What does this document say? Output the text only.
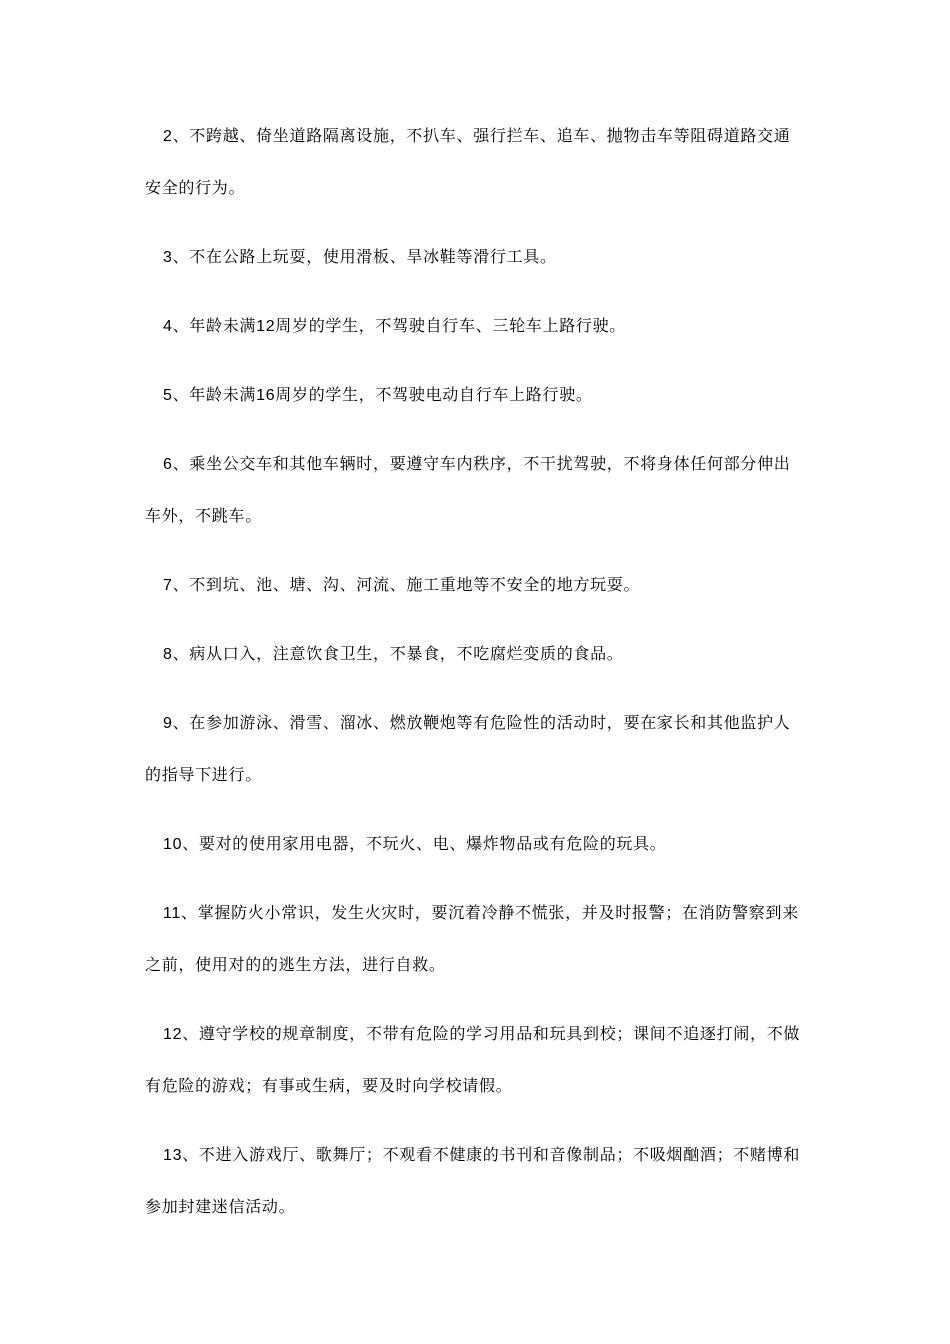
2、不跨越、倚坐道路隔离设施，不扒车、强行拦车、追车、抛物击车等阻碍道路交通
安全的行为。
3、不在公路上玩耍，使用滑板、旱冰鞋等滑行工具。
4、年龄未满12周岁的学生，不驾驶自行车、三轮车上路行驶。
5、年龄未满16周岁的学生，不驾驶电动自行车上路行驶。
6、乘坐公交车和其他车辆时，要遵守车内秩序，不干扰驾驶，不将身体任何部分伸出
车外，不跳车。
7、不到坑、池、塘、沟、河流、施工重地等不安全的地方玩耍。
8、病从口入，注意饮食卫生，不暴食，不吃腐烂变质的食品。
9、在参加游泳、滑雪、溜冰、燃放鞭炮等有危险性的活动时，要在家长和其他监护人
的指导下进行。
10、要对的使用家用电器，不玩火、电、爆炸物品或有危险的玩具。
11、掌握防火小常识，发生火灾时，要沉着冷静不慌张，并及时报警；在消防警察到来
之前，使用对的的逃生方法，进行自救。
12、遵守学校的规章制度，不带有危险的学习用品和玩具到校；课间不追逐打闹，不做
有危险的游戏；有事或生病，要及时向学校请假。
13、不进入游戏厅、歌舞厅；不观看不健康的书刊和音像制品；不吸烟酗酒；不赌博和
参加封建迷信活动。
